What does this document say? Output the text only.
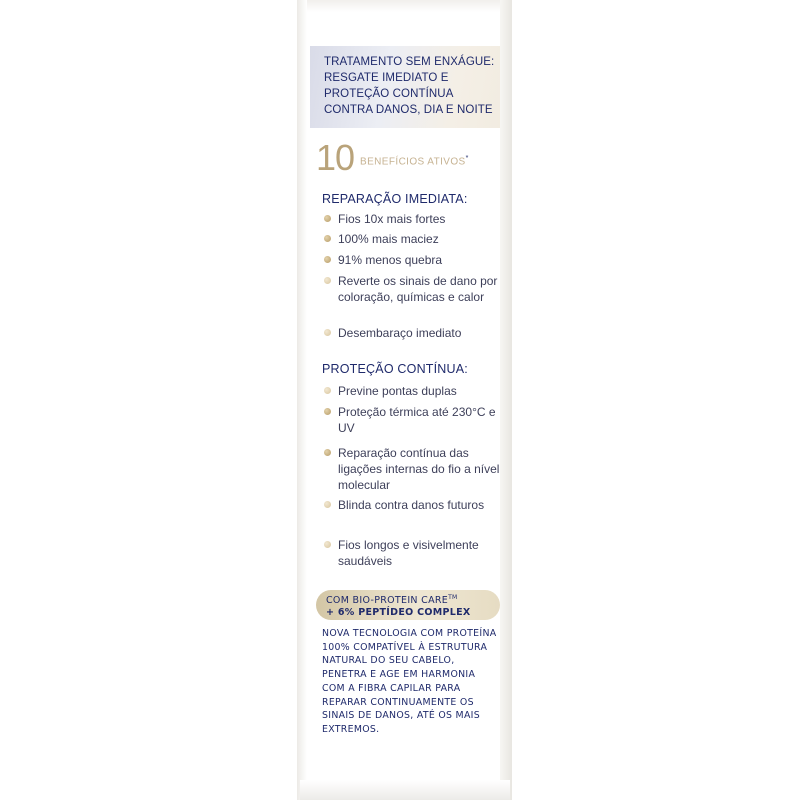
TRATAMENTO SEM ENXÁGUE: RESGATE IMEDIATO E PROTEÇÃO CONTÍNUA CONTRA DANOS, DIA E NOITE

10 BENEFÍCIOS ATIVOS*
REPARAÇÃO IMEDIATA:
Fios 10x mais fortes
100% mais maciez
91% menos quebra
Reverte os sinais de dano por coloração, químicas e calor
Desembaraço imediato
PROTEÇÃO CONTÍNUA:
Previne pontas duplas
Proteção térmica até 230°C e UV
Reparação contínua das ligações internas do fio a nível molecular
Blinda contra danos futuros
Fios longos e visivelmente saudáveis
COM BIO-PROTEIN CARE™
+ 6% PEPTÍDEO COMPLEX

NOVA TECNOLOGIA COM PROTEÍNA 100% COMPATÍVEL À ESTRUTURA NATURAL DO SEU CABELO, PENETRA E AGE EM HARMONIA COM A FIBRA CAPILAR PARA REPARAR CONTINUAMENTE OS SINAIS DE DANOS, ATÉ OS MAIS EXTREMOS.
